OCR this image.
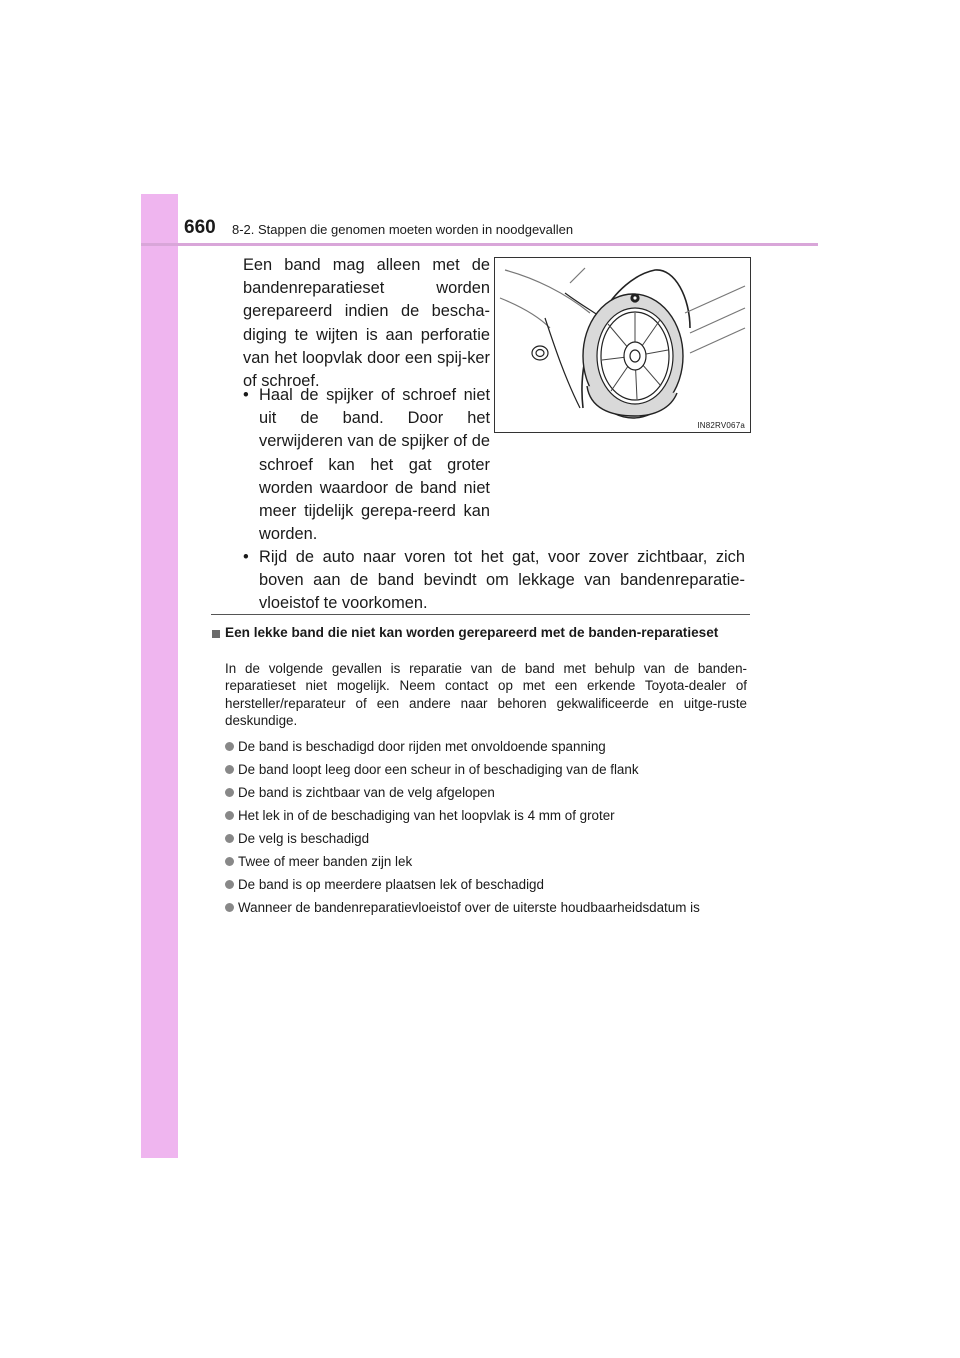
660 8-2. Stappen die genomen moeten worden in noodgevallen

Een band mag alleen met de bandenreparatieset worden gerepareerd indien de bescha-diging te wijten is aan perforatie van het loopvlak door een spij-ker of schroef.

• Haal de spijker of schroef niet uit de band. Door het verwijderen van de spijker of de schroef kan het gat groter worden waardoor de band niet meer tijdelijk gerepa-reerd kan worden.
• Rijd de auto naar voren tot het gat, voor zover zichtbaar, zich boven aan de band bevindt om lekkage van bandenreparatie-vloeistof te voorkomen.
IN82RV067a

Een lekke band die niet kan worden gerepareerd met de banden-reparatieset

In de volgende gevallen is reparatie van de band met behulp van de banden-reparatieset niet mogelijk. Neem contact op met een erkende Toyota-dealer of hersteller/reparateur of een andere naar behoren gekwalificeerde en uitge-ruste deskundige.

De band is beschadigd door rijden met onvoldoende spanning
De band loopt leeg door een scheur in of beschadiging van de flank
De band is zichtbaar van de velg afgelopen
Het lek in of de beschadiging van het loopvlak is 4 mm of groter
De velg is beschadigd
Twee of meer banden zijn lek
De band is op meerdere plaatsen lek of beschadigd
Wanneer de bandenreparatievloeistof over de uiterste houdbaarheidsdatum is
